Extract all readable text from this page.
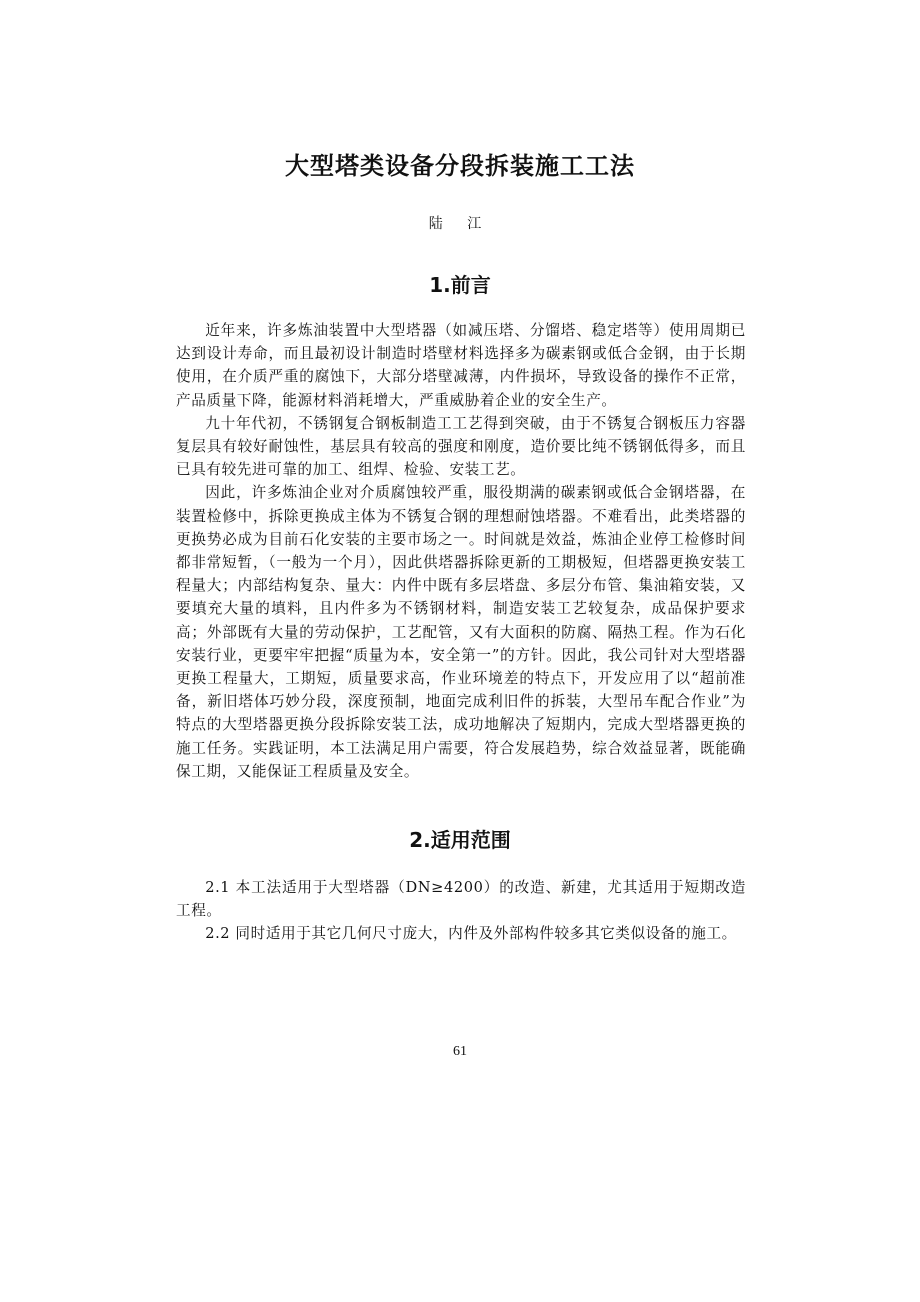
大型塔类设备分段拆装施工工法
陆 江
1.前言

近年来，许多炼油装置中大型塔器（如减压塔、分馏塔、稳定塔等）使用周期已达到设计寿命，而且最初设计制造时塔壁材料选择多为碳素钢或低合金钢，由于长期使用，在介质严重的腐蚀下，大部分塔壁减薄，内件损坏，导致设备的操作不正常，产品质量下降，能源材料消耗增大，严重威胁着企业的安全生产。

九十年代初，不锈钢复合钢板制造工工艺得到突破，由于不锈复合钢板压力容器复层具有较好耐蚀性，基层具有较高的强度和刚度，造价要比纯不锈钢低得多，而且已具有较先进可靠的加工、组焊、检验、安装工艺。

因此，许多炼油企业对介质腐蚀较严重，服役期满的碳素钢或低合金钢塔器，在装置检修中，拆除更换成主体为不锈复合钢的理想耐蚀塔器。不难看出，此类塔器的更换势必成为目前石化安装的主要市场之一。时间就是效益，炼油企业停工检修时间都非常短暂，（一般为一个月），因此供塔器拆除更新的工期极短，但塔器更换安装工程量大；内部结构复杂、量大：内件中既有多层塔盘、多层分布管、集油箱安装，又要填充大量的填料，且内件多为不锈钢材料，制造安装工艺较复杂，成品保护要求高；外部既有大量的劳动保护，工艺配管，又有大面积的防腐、隔热工程。作为石化安装行业，更要牢牢把握“质量为本，安全第一”的方针。因此，我公司针对大型塔器更换工程量大，工期短，质量要求高，作业环境差的特点下，开发应用了以“超前准备，新旧塔体巧妙分段，深度预制，地面完成利旧件的拆装，大型吊车配合作业”为特点的大型塔器更换分段拆除安装工法，成功地解决了短期内，完成大型塔器更换的施工任务。实践证明，本工法满足用户需要，符合发展趋势，综合效益显著，既能确保工期，又能保证工程质量及安全。

2.适用范围

2.1 本工法适用于大型塔器（DN≥4200）的改造、新建，尤其适用于短期改造工程。

2.2 同时适用于其它几何尺寸庞大，内件及外部构件较多其它类似设备的施工。

61
